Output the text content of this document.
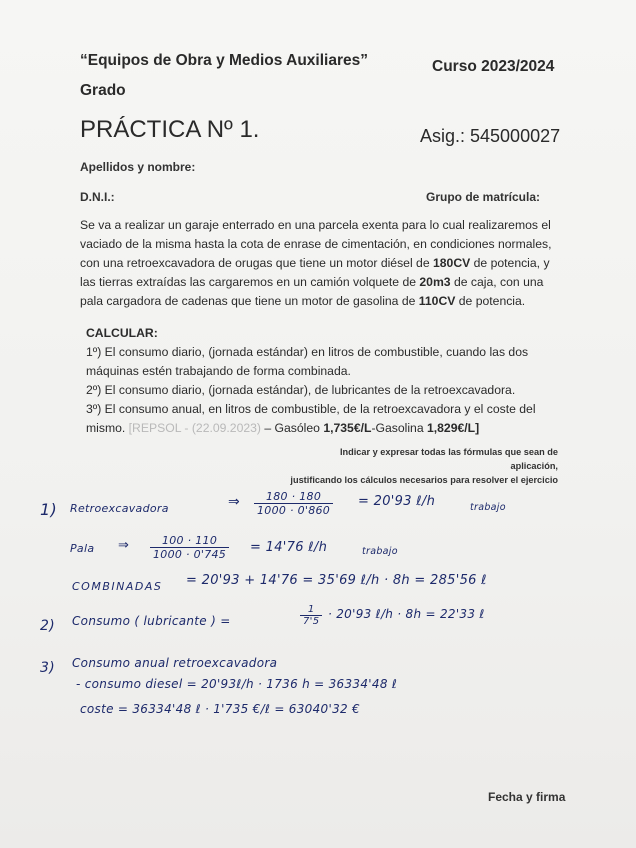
“Equipos de Obra y Medios Auxiliares”	Curso 2023/2024
Grado
PRÁCTICA Nº 1.	Asig.: 545000027
Apellidos y nombre:
D.N.I.:	Grupo de matrícula:
Se va a realizar un garaje enterrado en una parcela exenta para lo cual realizaremos el
vaciado de la misma hasta la cota de enrase de cimentación, en condiciones normales,
con una retroexcavadora de orugas que tiene un motor diésel de 180CV de potencia, y
las tierras extraídas las cargaremos en un camión volquete de 20m3 de caja, con una
pala cargadora de cadenas que tiene un motor de gasolina de 110CV de potencia.
CALCULAR:
1º) El consumo diario, (jornada estándar) en litros de combustible, cuando las dos
máquinas estén trabajando de forma combinada.
2º) El consumo diario, (jornada estándar), de lubricantes de la retroexcavadora.
3º) El consumo anual, en litros de combustible, de la retroexcavadora y el coste del
mismo. [REPSOL - (22.09.2023) – Gasóleo 1,735€/L-Gasolina 1,829€/L]
Indicar y expresar todas las fórmulas que sean de aplicación,
justificando los cálculos necesarios para resolver el ejercicio
1) Retroexcavadora	⇒ $\frac{180 \cdot 180}{1000 \cdot 0'860} = 20'93$ ℓ/h	trabajo
Pala ⇒ $\frac{100 \cdot 110}{1000 \cdot 0'745} = 14'76$ ℓ/h	trabajo
COMBINADAS = 20'93 + 14'76 = 35'69 ℓ/h · 8h = 285'56 ℓ
2) Consumo ( lubricante ) =	$\frac{1}{7'5} \cdot 20'93$ ℓ/h · 8h = 22'33 ℓ
3) Consumo anual retroexcavadora
- consumo diesel = 20'93ℓ/h · 1736 h = 36334'48 ℓ
coste = 36334'48 ℓ · 1'735 €/ℓ = 63040'32 €
Fecha y firma
